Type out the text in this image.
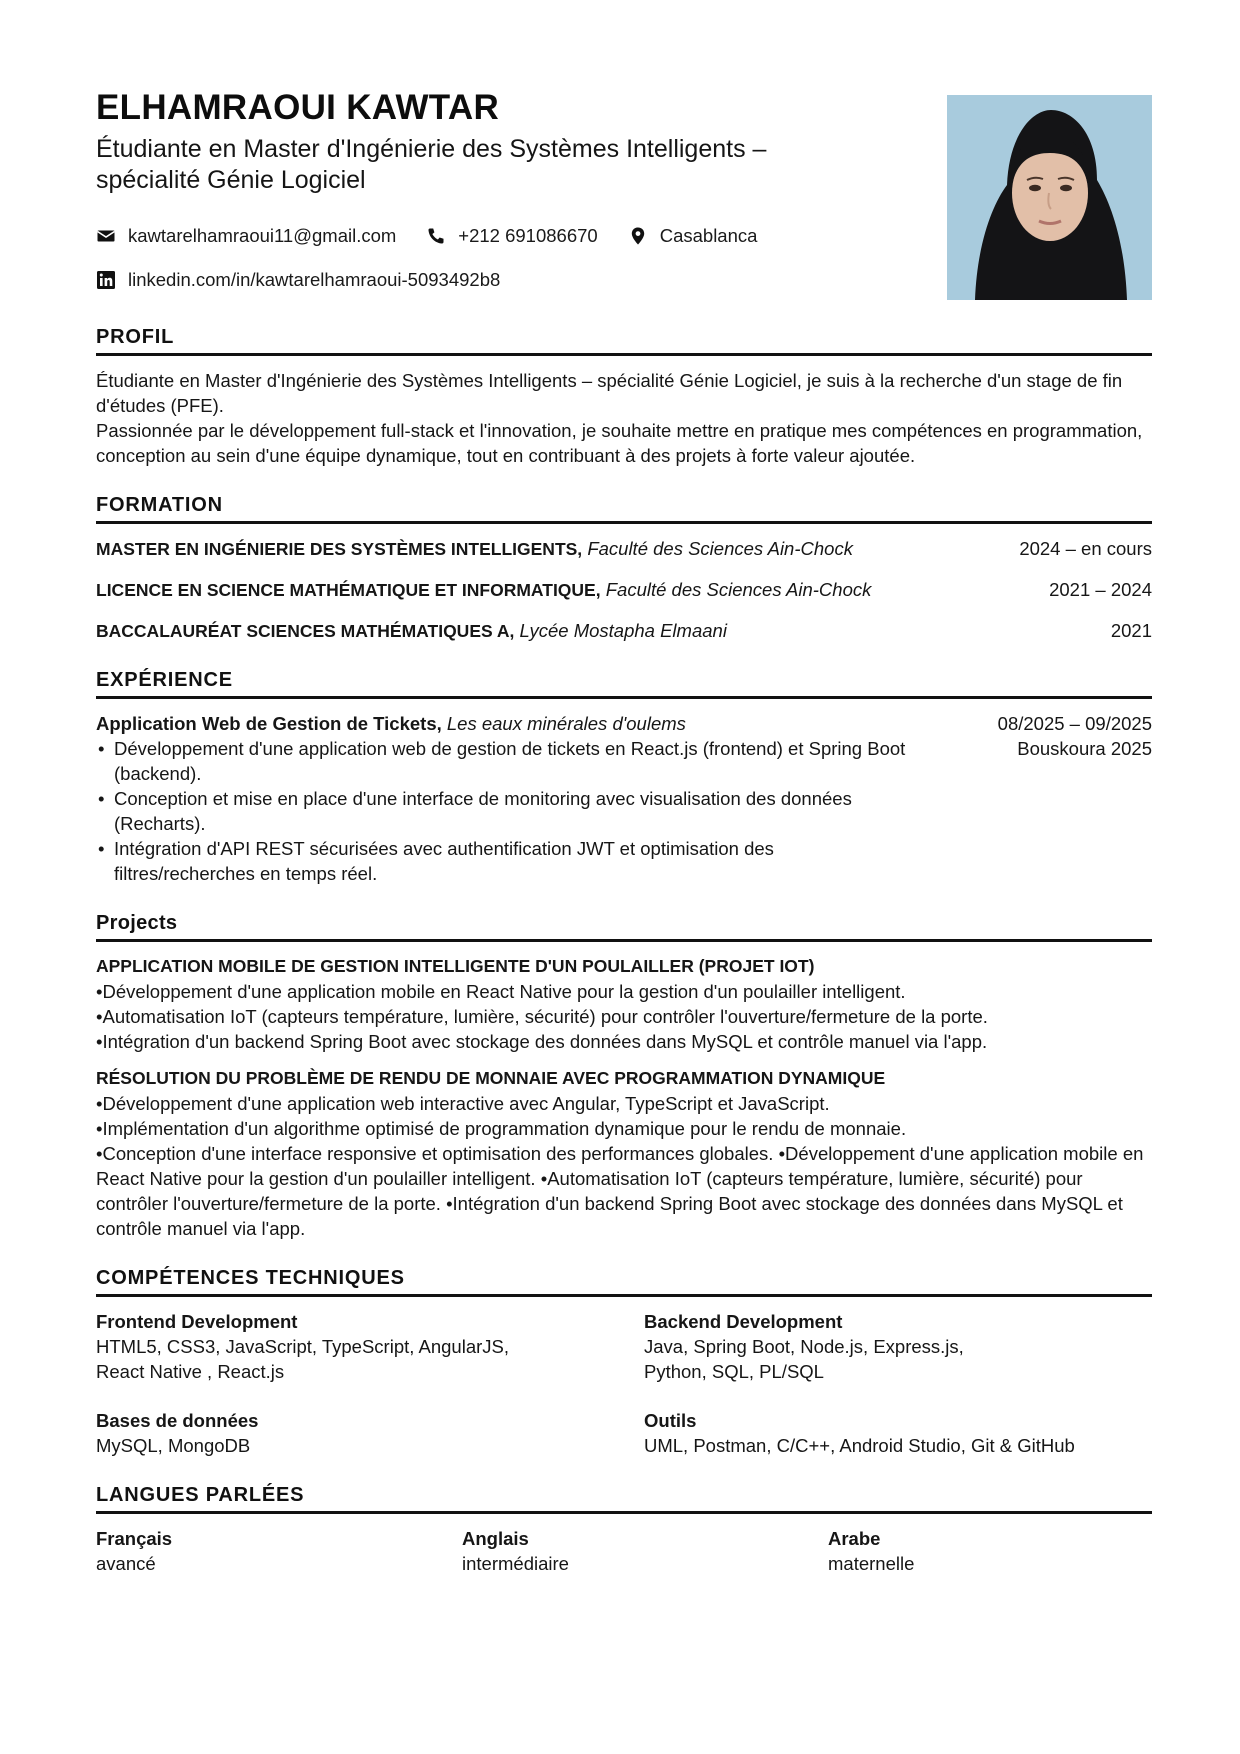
ELHAMRAOUI KAWTAR
Étudiante en Master d'Ingénierie des Systèmes Intelligents – spécialité Génie Logiciel
kawtarelhamraoui11@gmail.com	+212 691086670	Casablanca
linkedin.com/in/kawtarelhamraoui-5093492b8
PROFIL

Étudiante en Master d'Ingénierie des Systèmes Intelligents – spécialité Génie Logiciel, je suis à la recherche d'un stage de fin d'études (PFE).

Passionnée par le développement full-stack et l'innovation, je souhaite mettre en pratique mes compétences en programmation, conception au sein d'une équipe dynamique, tout en contribuant à des projets à forte valeur ajoutée.

FORMATION
MASTER EN INGÉNIERIE DES SYSTÈMES INTELLIGENTS, Faculté des Sciences Ain-Chock	2024 – en cours
LICENCE EN SCIENCE MATHÉMATIQUE ET INFORMATIQUE, Faculté des Sciences Ain-Chock	2021 – 2024
BACCALAURÉAT SCIENCES MATHÉMATIQUES A, Lycée Mostapha Elmaani	2021
EXPÉRIENCE
Application Web de Gestion de Tickets, Les eaux minérales d'oulems
• Développement d'une application web de gestion de tickets en React.js (frontend) et Spring Boot (backend).
• Conception et mise en place d'une interface de monitoring avec visualisation des données (Recharts).
• Intégration d'API REST sécurisées avec authentification JWT et optimisation des filtres/recherches en temps réel.
08/2025 – 09/2025
Bouskoura 2025
Projects
APPLICATION MOBILE DE GESTION INTELLIGENTE D'UN POULAILLER (PROJET IOT)

•Développement d'une application mobile en React Native pour la gestion d'un poulailler intelligent.

•Automatisation IoT (capteurs température, lumière, sécurité) pour contrôler l'ouverture/fermeture de la porte.

•Intégration d'un backend Spring Boot avec stockage des données dans MySQL et contrôle manuel via l'app.

RÉSOLUTION DU PROBLÈME DE RENDU DE MONNAIE AVEC PROGRAMMATION DYNAMIQUE

•Développement d'une application web interactive avec Angular, TypeScript et JavaScript.

•Implémentation d'un algorithme optimisé de programmation dynamique pour le rendu de monnaie.

•Conception d'une interface responsive et optimisation des performances globales. •Développement d'une application mobile en React Native pour la gestion d'un poulailler intelligent. •Automatisation IoT (capteurs température, lumière, sécurité) pour contrôler l'ouverture/fermeture de la porte. •Intégration d'un backend Spring Boot avec stockage des données dans MySQL et contrôle manuel via l'app.

COMPÉTENCES TECHNIQUES
Frontend Development
HTML5, CSS3, JavaScript, TypeScript, AngularJS, React Native , React.js
Backend Development
Java, Spring Boot, Node.js, Express.js, Python, SQL, PL/SQL
Bases de données
MySQL, MongoDB
Outils
UML, Postman, C/C++, Android Studio, Git & GitHub
LANGUES PARLÉES
Français
avancé
Anglais
intermédiaire
Arabe
maternelle
